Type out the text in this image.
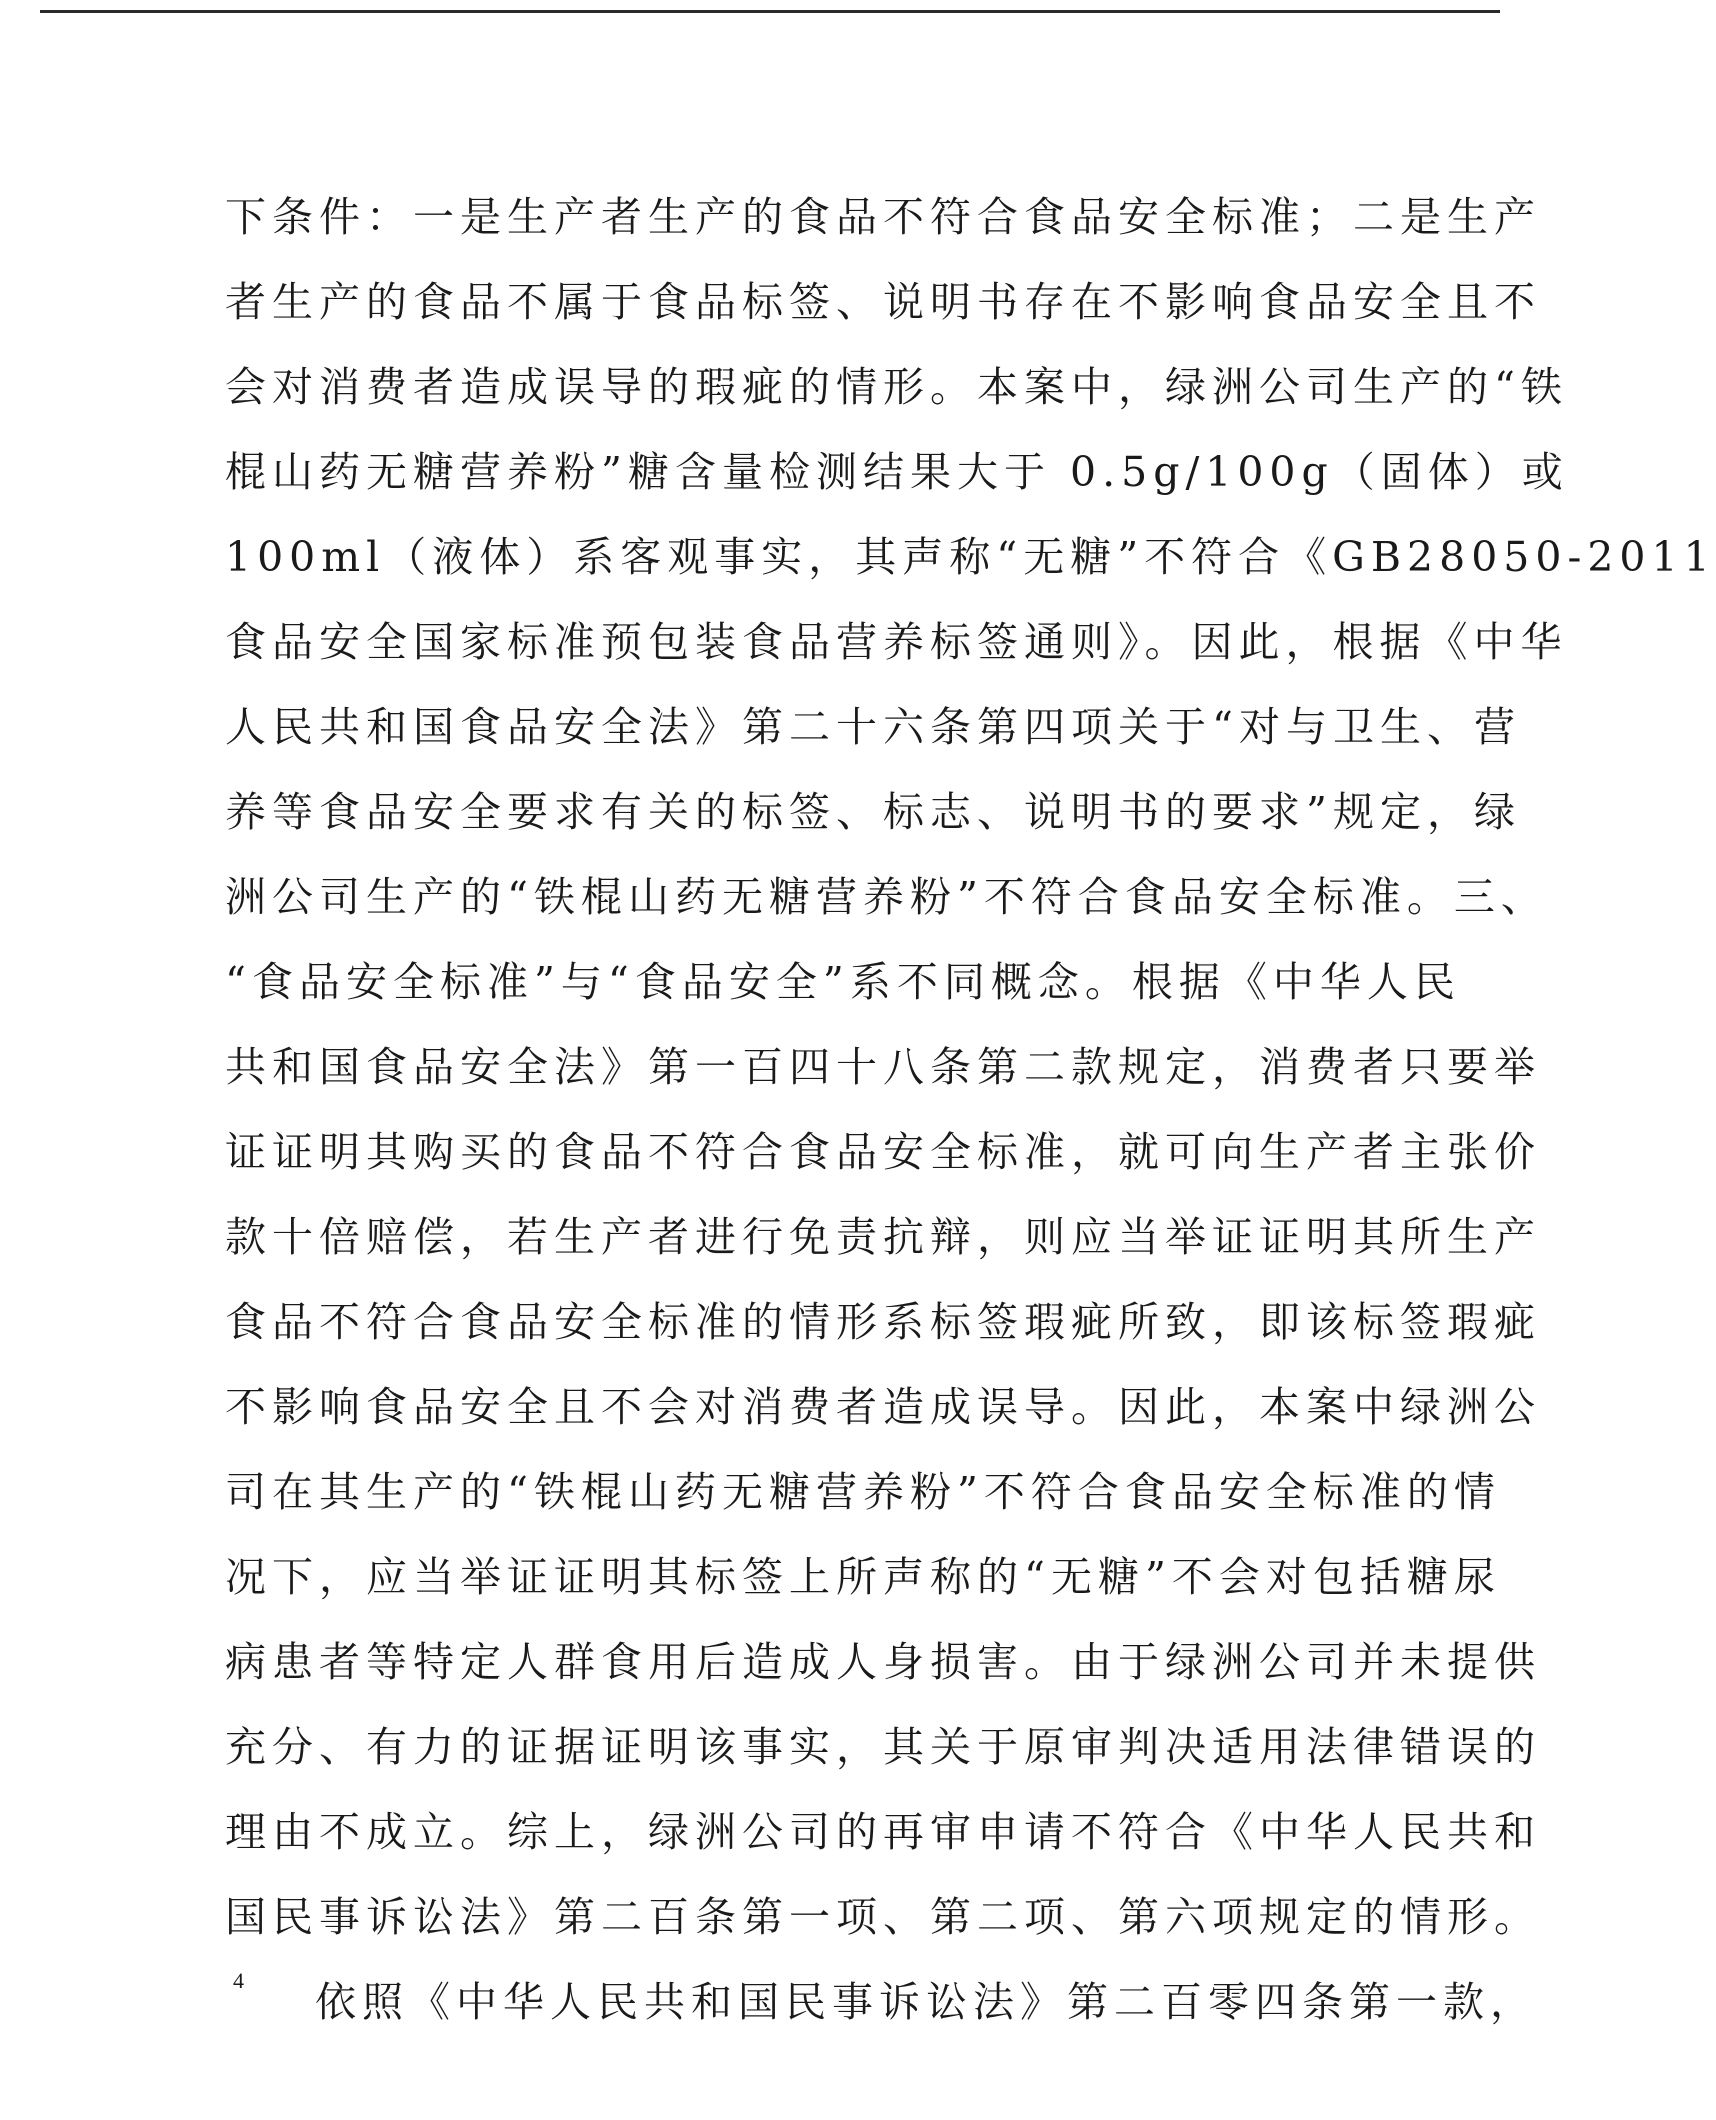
下条件：一是生产者生产的食品不符合食品安全标准；二是生产
者生产的食品不属于食品标签、说明书存在不影响食品安全且不
会对消费者造成误导的瑕疵的情形。本案中，绿洲公司生产的“铁
棍山药无糖营养粉”糖含量检测结果大于 0.5g/100g（固体）或
100ml（液体）系客观事实，其声称“无糖”不符合《GB28050-2011
食品安全国家标准预包装食品营养标签通则》。因此，根据《中华
人民共和国食品安全法》第二十六条第四项关于“对与卫生、营
养等食品安全要求有关的标签、标志、说明书的要求”规定，绿
洲公司生产的“铁棍山药无糖营养粉”不符合食品安全标准。三、
“食品安全标准”与“食品安全”系不同概念。根据《中华人民
共和国食品安全法》第一百四十八条第二款规定，消费者只要举
证证明其购买的食品不符合食品安全标准，就可向生产者主张价
款十倍赔偿，若生产者进行免责抗辩，则应当举证证明其所生产
食品不符合食品安全标准的情形系标签瑕疵所致，即该标签瑕疵
不影响食品安全且不会对消费者造成误导。因此，本案中绿洲公
司在其生产的“铁棍山药无糖营养粉”不符合食品安全标准的情
况下，应当举证证明其标签上所声称的“无糖”不会对包括糖尿
病患者等特定人群食用后造成人身损害。由于绿洲公司并未提供
充分、有力的证据证明该事实，其关于原审判决适用法律错误的
理由不成立。综上，绿洲公司的再审申请不符合《中华人民共和
国民事诉讼法》第二百条第一项、第二项、第六项规定的情形。
依照《中华人民共和国民事诉讼法》第二百零四条第一款，
4
